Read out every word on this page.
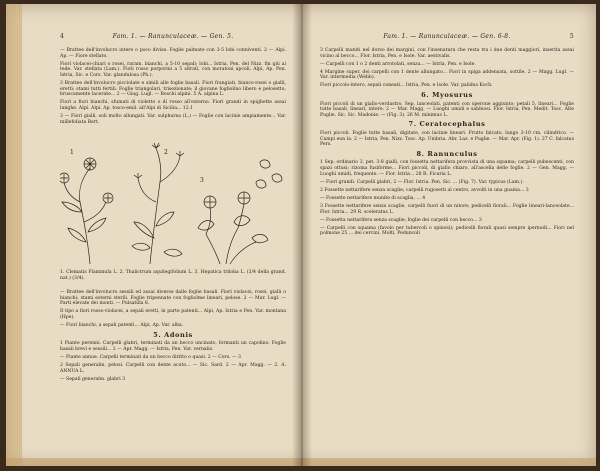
4	Fam. 1. — Ranunculaceæ. — Gen. 5.

— Bratteе dell'involucro intere o poco divise. Foglie palmate con 3-5 lobi conniventi. 2 — Alpi. Ap. — Fiore stellato.

Fiori violacei-chiari o rosei, raram. bianchi, a 5-10 sepali; lobi... Istria, Pen. del Nizz. fin giù ai tede. Var. stellata (Lam.). Fioti rosso porporini a 5 sitrati, con moratoni apcoli. Alpi, Ap. Pen. Istria, Sic. e Cors. Var. glandulosa (Ph.).

3 Bratteе dell'involucro picciolate e simili alle foglie basali. Fiori frangiati, bianco-rosei o gialli, eretti; stami tutti fertili. Foglie triangolari, trisezionate; il giovane fogliolino libero e pelosetto, bruscamente lacerate... 2 — Giug. Lugl. — Boschi alpini. 5 A. alpina L.

Fiori a fiori bianchi, sfumati di violetto o di rosso all'esterno. Fiori grandi in spighette assai lunghe. Alpi. Alpi. Ap. tosco-emil. all'Alpi di Sicilia... 12.1

3 — Fiori gialli, soli molto allungati. Var. sulphurea (L.) — Foglie con lacinie ampiamente... Var. millefoliata Bert.

1	2
3
1. Clematis Flammula L. 2. Thalictrum aquilegifolium L. 3. Hepatica triloba L. (3/4 della grand. nat.) (3/4).

— Bratteе dell'involucro sessili ed assai diverse dalle foglie basali. Fiori violacei, rosei, gialli o bianchi; stami esterni sterili. Foglie tripennate con fogliolme lineari, pelose. 2 — Mar. Lugl. — Parti elevate dei monti. — Pulsatilla 8.

Il tipo a fiori rosso-violacei, a sepali eretti, in parte patenti... Alpi, Ap. Istria e Pen. Var. montana (Hpe).

— Fiori bianchi, a sepali patenti... Alpi, Ap. Var. alba.

5. Adonis

1 Piante perenni. Carpelli glabri, terminati da un becco uncinato, formanti un capolino. Foglie basali brevi e sessili... 2 — Apr. Magg. — Istria, Pen. Var. vernalis.

— Piante annue. Carpelli terminati da un becco diritto o quasi. 2 — Cors. — 3

2 Sepali generalm. pelosi. Carpelli con dente acuto... — Sic. Sard. 2 — Apr. Magg. — 2. A. ANNUA L.

— Sepali generalm. glabri 3

5
Fam. 1. — Ranunculaceæ. — Gen. 6-8.

3 Carpelli muniti nel dorso dei margini, con l'insenatura che resta tra i due denti maggiori, inserita assai vicino al becco... Flor. Istria, Pen. e Isole. Var. aestivalis.

— Carpelli con 1 o 2 denti arrotolati, senza... — Istria, Pen. e Isole.

4 Margine super. dei carpelli con 1 dente allungato... Fiori in spiga addensata, sottile. 2 — Magg. Lugl. — Var. intermedia (Webb).

Fiori piccolo-intero, sepali cuneati... Istria, Pen. e Isole. Var. palidus Koch.

6. Myosurus

Fiori piccoli di un giallo-verdastro. Sep. lanceolati, patenti con sperone aggiunto; petali 5, lineari... Foglie tutte basali, lineari, intere. 2 — Mar. Magg. — Luoghi umidi e sabbiosi. Flor. Istria, Pen. Medit. Tosc. Alte Puglie. Sic. Sic. Madonie. — (Fig. 3). 26 M. minimus L.

7. Ceratocephalus

Fiori piccoli. Foglie tutte basali, digitate, con lacinie lineari. Frutto falcato, lungo 3-10 cm. cilindrico. — Campi eun la. 2 — Istria, Pen. Nizz. Tosc. Ap. Umbria. Abr. Laz. e Puglie. — Mar. Apr. (Fig. 1). 27 C. falcatus Pers.

8. Ranunculus

1 Sep. ordinario 3, pet. 3-8 gialli, con fossetta nettarifera provvista di una squama; carpelli pubescenti, con spazi ottusi; rizoma fusiforme... Fiori piccoli, di giallo chiaro, all'ascella delle foglie. 2 — Gen. Magg. — Luoghi umidi, frequente. — Flor. Istria... 28 R. Ficaria L.

— Fiori grandi. Carpelli glabri, 2 — Flor. Istria. Pen. Sic. ... (Fig. 7). Var. typicus (Lam.).

2 Fossette nettarifere senza scaglie; carpelli rugosetti al centro, avvolti in una guaina... 3

— Fossette nettarifere munite di scaglia, ... 4

3 Fossette nettarifere senza scaglie, carpelli fuori di un nitore; pedicelli fiorali... Foglie lineari-lanceolate... Flor. Istria... 29 R. sceleratus L.

— Fossetta nettarifera senza scaglie; foglie dei carpelli con becco... 3

— Carpelli con squama (favolo per tubercoli o spinosi); pedicelli fiorali quasi sempre ipernudi... Fiori nel polmone 25 ... dei cercini. Molti, Peduncoli
